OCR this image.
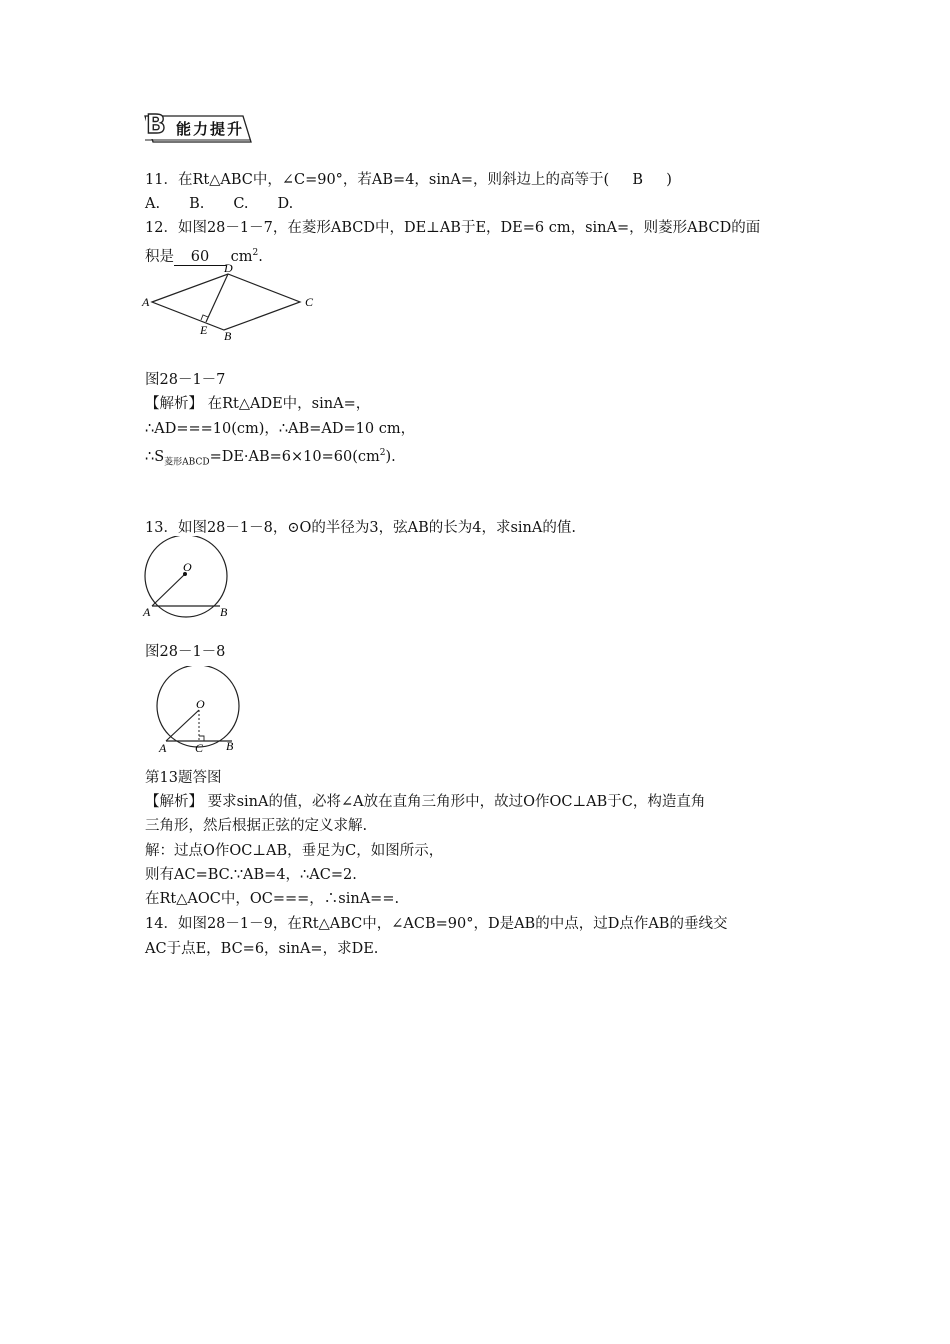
B 能力提升
11．在Rt△ABC中，∠C=90°，若AB=4，sinA=，则斜边上的高等于( B )
A.　　B.　　C.　　D.
12．如图28－1－7，在菱形ABCD中，DE⊥AB于E，DE=6 cm，sinA=，则菱形ABCD的面
积是 60 $cm^2$.
A
D
C
E B
图28－1－7
【解析】 在Rt△ADE中，sinA=，
∴AD===10(cm)，∴AB=AD=10 cm，
$\therefore S_{菱形ABCD}=DE\cdot AB=6\times 10=60(cm^2)$.
13．如图28－1－8，⊙O的半径为3，弦AB的长为4，求sinA的值.
O
A	B
图28－1－8
O
A C B
第13题答图
【解析】 要求sinA的值，必将∠A放在直角三角形中，故过O作OC⊥AB于C，构造直角
三角形，然后根据正弦的定义求解.
解：过点O作OC⊥AB，垂足为C，如图所示，
则有AC=BC.∵AB=4，∴AC=2.
在Rt△AOC中，OC===，∴sinA==.
14．如图28－1－9，在Rt△ABC中，∠ACB=90°，D是AB的中点，过D点作AB的垂线交
AC于点E，BC=6，sinA=，求DE.
